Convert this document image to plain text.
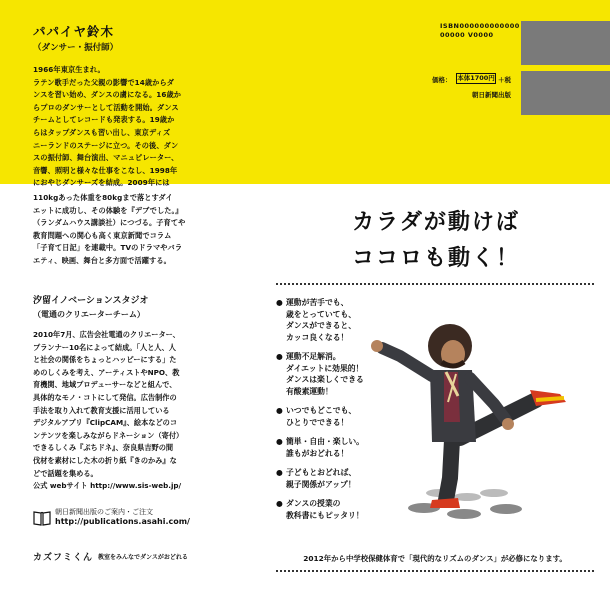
パパイヤ鈴木
（ダンサー・振付師）
1966年東京生まれ。
ラテン歌手だった父親の影響で14歳からダ
ンスを習い始め、ダンスの虜になる。16歳か
らプロのダンサーとして活動を開始。ダンス
チームとしてレコードも発表する。19歳か
らはタップダンスも習い出し、東京ディズ
ニーランドのステージに立つ。その後、ダン
スの振付師、舞台演出、マニュピレーター、
音響、照明と様々な仕事をこなし、1998年
におやじダンサーズを結成。2009年には
110kgあった体重を80kgまで落とすダイ
エットに成功し、その体験を『デブでした。』
（ランダムハウス講談社）につづる。子育てや
教育問題への関心も高く東京新聞でコラム
「子育て日記」を連載中。TVのドラマやバラ
エティ、映画、舞台と多方面で活躍する。
汐留イノベーションスタジオ
（電通のクリエーターチーム）
2010年7月、広告会社電通のクリエーター、
プランナー10名によって結成。「人と人、人
と社会の関係をちょっとハッピーにする」た
めのしくみを考え、アーティストやNPO、教
育機関、地域プロデューサーなどと組んで、
具体的なモノ・コトにして発信。広告制作の
手法を取り入れて教育支援に活用している
デジタルアプリ『ClipCAM』、絵本などのコ
ンテンツを楽しみながらドネーション（寄付）
できるしくみ『ぷちドネ』、奈良県吉野の間
伐材を素材にした木の折り紙『きのかみ』な
どで話題を集める。
公式 webサイト http://www.sis-web.jp/
朝日新聞出版のご案内・ご注文
http://publications.asahi.com/
カズフミくん 教室をみんなでダンスがおどれる
ISBN000000000000
00000 V0000
価格： 本体1700円 ＋税
朝日新聞出版
カラダが動けば
ココロも動く！
● 運動が苦手でも、
歳をとっていても、
ダンスができると、
カッコ良くなる！
● 運動不足解消。
ダイエットに効果的！
ダンスは楽しくできる
有酸素運動！
● いつでもどこでも、
ひとりでできる！
● 簡単・自由・楽しい。
誰もがおどれる！
● 子どもとおどれば、
親子関係がアップ！
● ダンスの授業の
教科書にもピッタリ！
2012年から中学校保健体育で「現代的なリズムのダンス」が必修になります。
